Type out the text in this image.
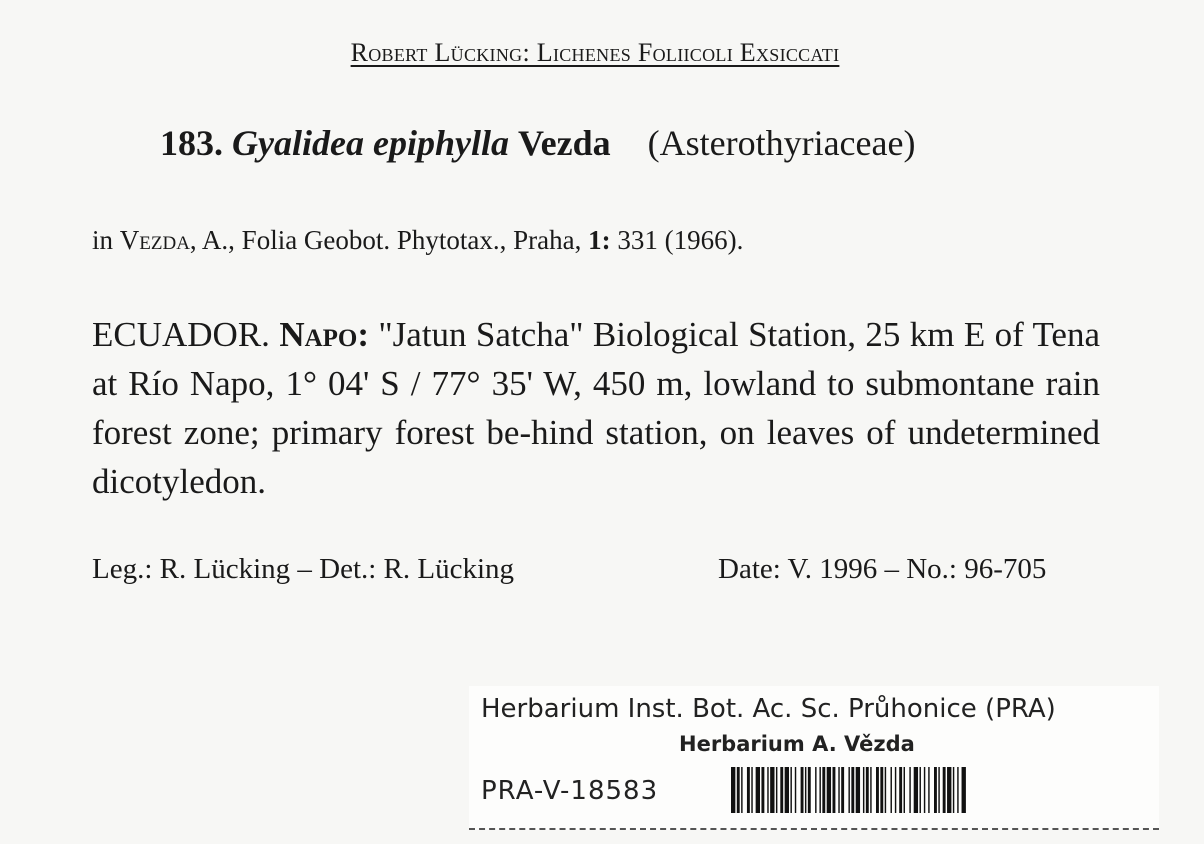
Robert Lücking: Lichenes Foliicoli Exsiccati
183. Gyalidea epiphylla Vezda (Asterothyriaceae)
in Vezda, A., Folia Geobot. Phytotax., Praha, 1: 331 (1966).
ECUADOR. Napo: "Jatun Satcha" Biological Station, 25 km E of Tena at Río Napo, 1° 04' S / 77° 35' W, 450 m, lowland to submontane rain forest zone; primary forest be-hind station, on leaves of undetermined dicotyledon.
Leg.: R. Lücking – Det.: R. Lücking	Date: V. 1996 – No.: 96-705
Herbarium Inst. Bot. Ac. Sc. Průhonice (PRA)
Herbarium A. Vězda
PRA-V-18583
